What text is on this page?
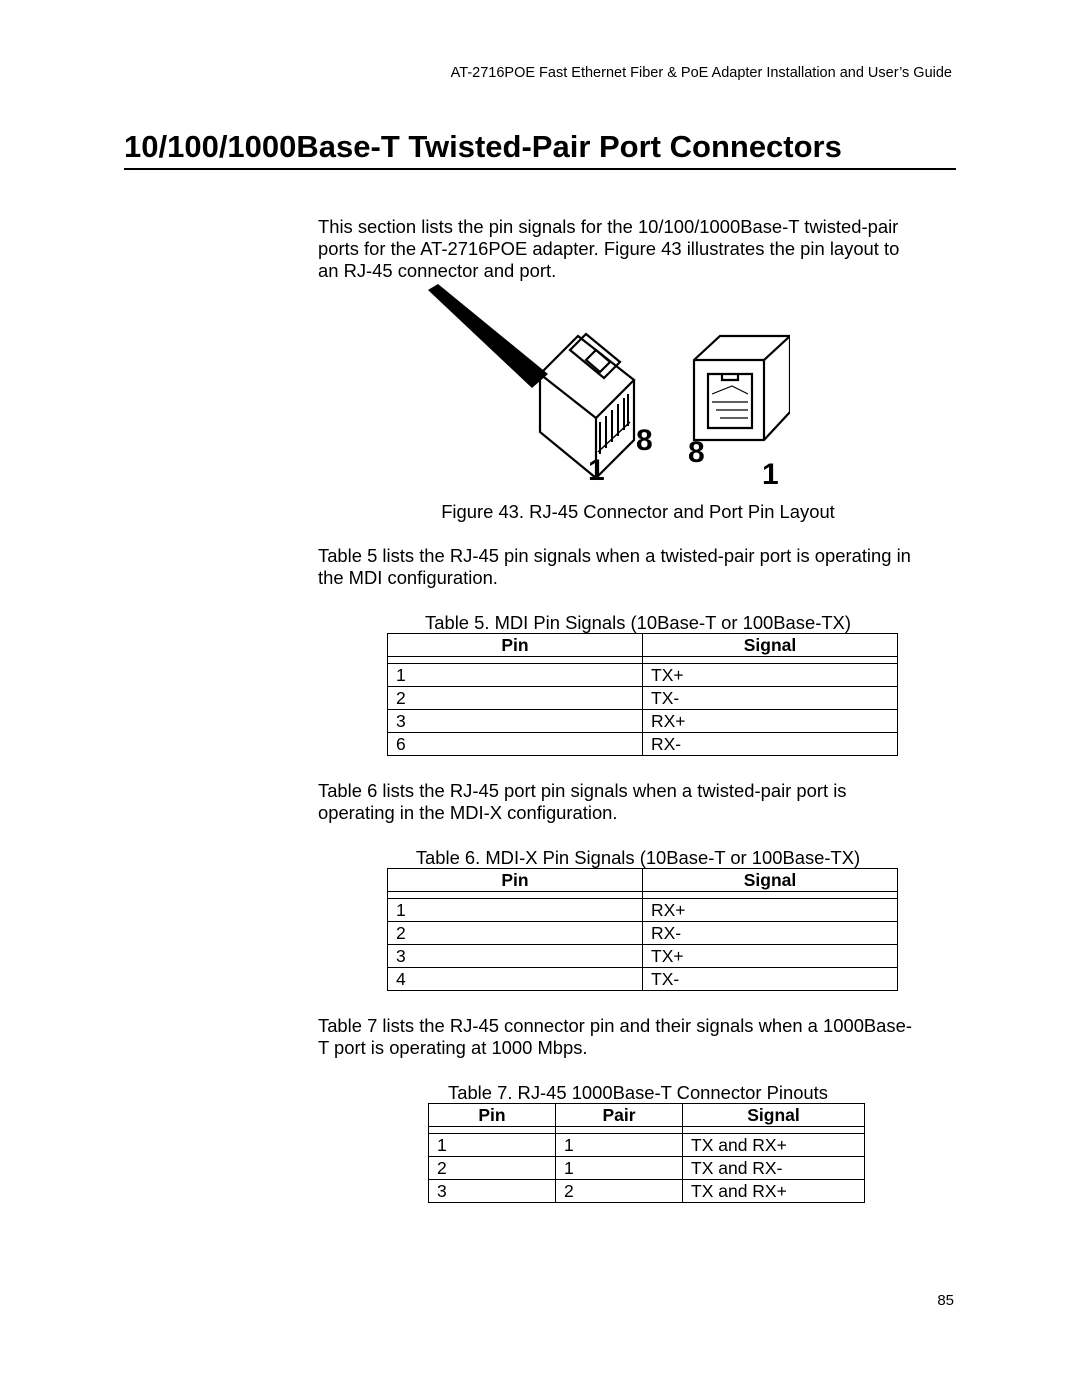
AT-2716POE Fast Ethernet Fiber & PoE Adapter Installation and User’s Guide
10/100/1000Base-T Twisted-Pair Port Connectors

This section lists the pin signals for the 10/100/1000Base-T twisted-pair
ports for the AT-2716POE adapter. Figure 43 illustrates the pin layout to
an RJ-45 connector and port.

1
8 8
1

Figure 43. RJ-45 Connector and Port Pin Layout

Table 5 lists the RJ-45 pin signals when a twisted-pair port is operating in
the MDI configuration.

Table 5. MDI Pin Signals (10Base-T or 100Base-TX)

Pin	Signal

1	TX+
2	TX-
3	RX+
6	RX-

Table 6 lists the RJ-45 port pin signals when a twisted-pair port is
operating in the MDI-X configuration.

Table 6. MDI-X Pin Signals (10Base-T or 100Base-TX)

Pin	Signal

1	RX+
2	RX-
3	TX+
4	TX-

Table 7 lists the RJ-45 connector pin and their signals when a 1000Base-
T port is operating at 1000 Mbps.

Table 7. RJ-45 1000Base-T Connector Pinouts

Pin	Pair	Signal

1	1	TX and RX+
2	1	TX and RX-
3	2	TX and RX+
85
